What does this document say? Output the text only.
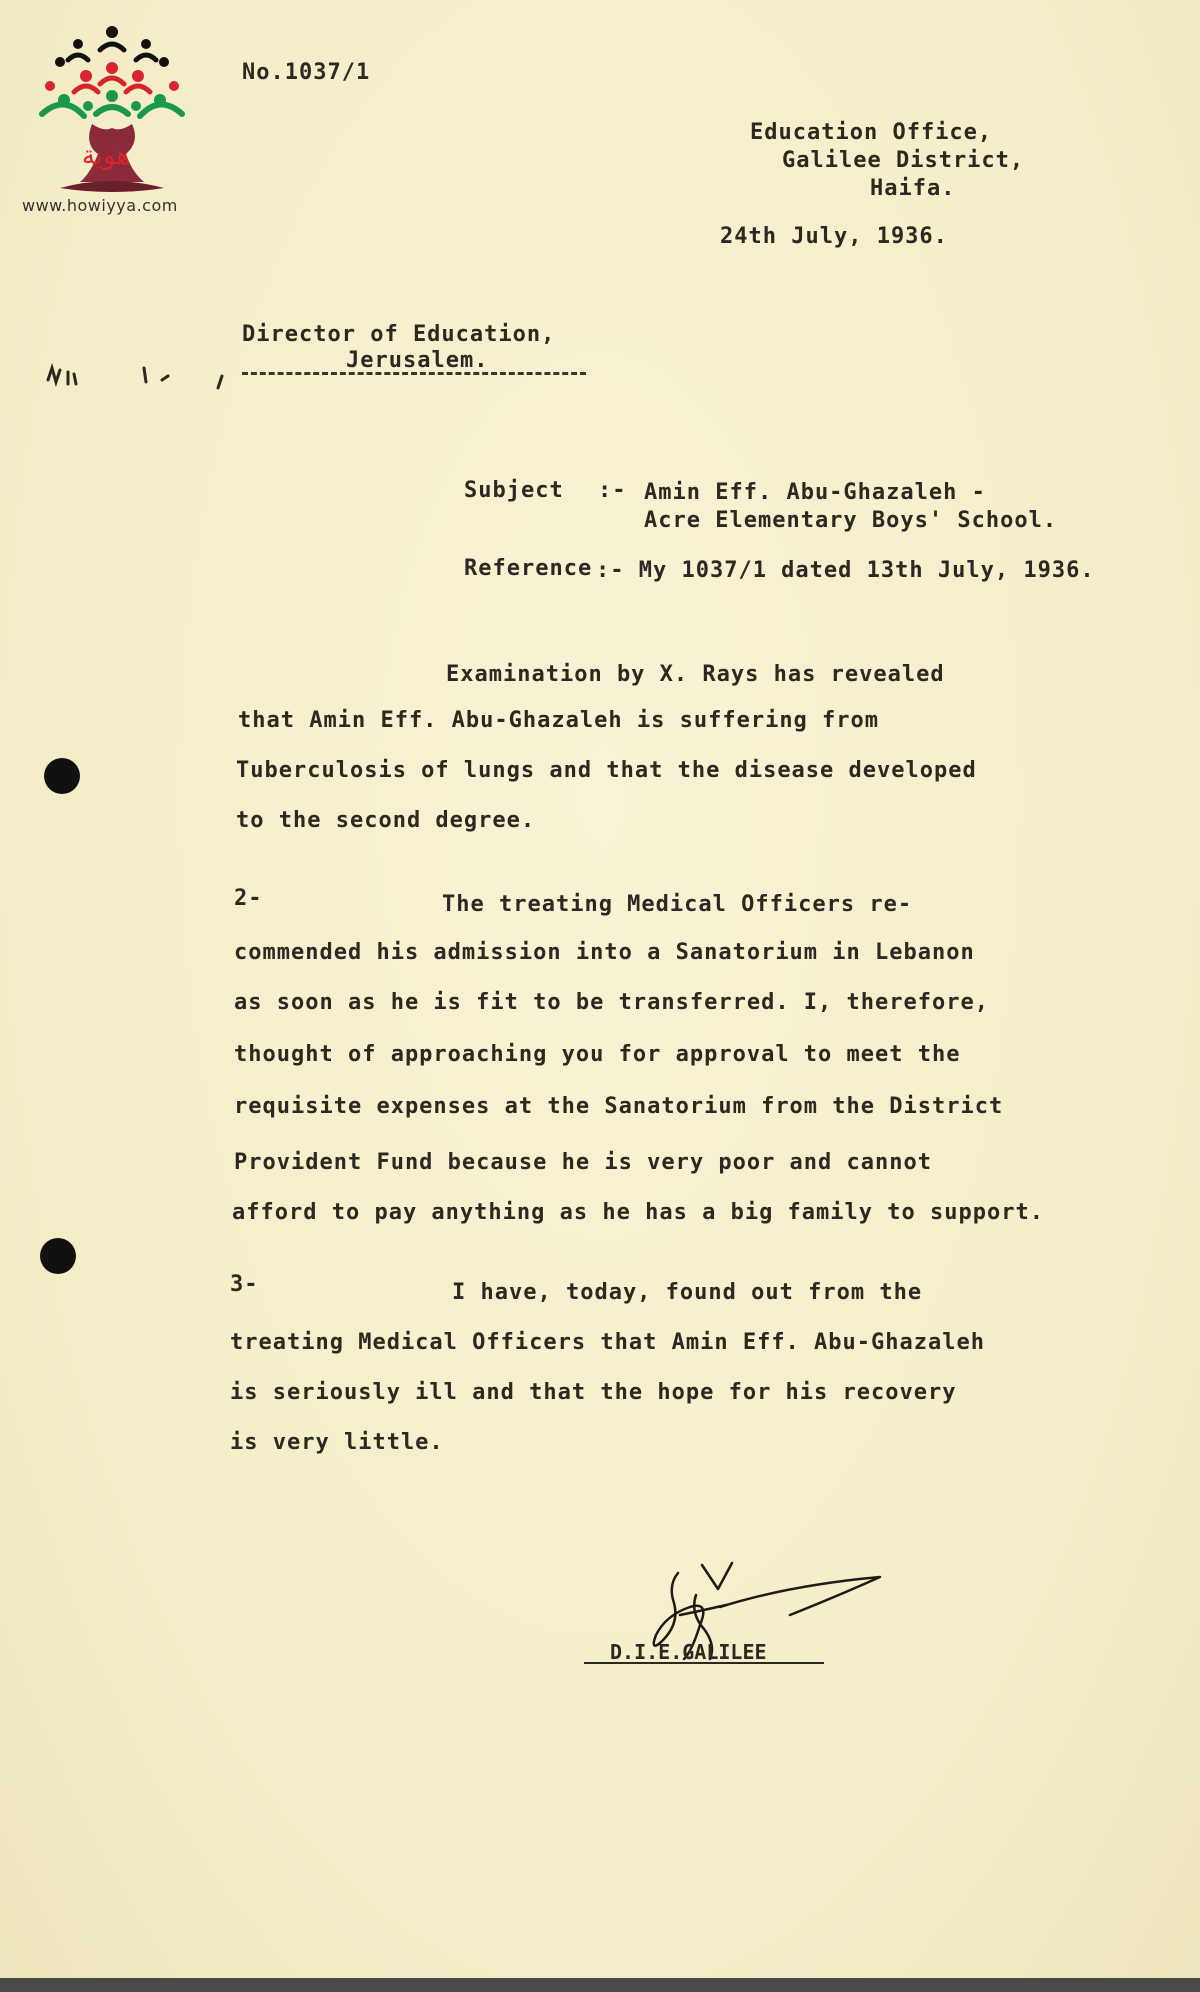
هوية
www.howiyya.com
No.1037/1
Education Office,
Galilee District,
Haifa.
24th July, 1936.
Director of Education,
Jerusalem.
Subject :- Amin Eff. Abu-Ghazaleh -
Acre Elementary Boys' School.
Reference :- My 1037/1 dated 13th July, 1936.
Examination by X. Rays has revealed
that Amin Eff. Abu-Ghazaleh is suffering from
Tuberculosis of lungs and that the disease developed
to the second degree.
2-	The treating Medical Officers re-
commended his admission into a Sanatorium in Lebanon
as soon as he is fit to be transferred. I, therefore,
thought of approaching you for approval to meet the
requisite expenses at the Sanatorium from the District
Provident Fund because he is very poor and cannot
afford to pay anything as he has a big family to support.
3-	I have, today, found out from the
treating Medical Officers that Amin Eff. Abu-Ghazaleh
is seriously ill and that the hope for his recovery
is very little.
D.I.E.GALILEE
